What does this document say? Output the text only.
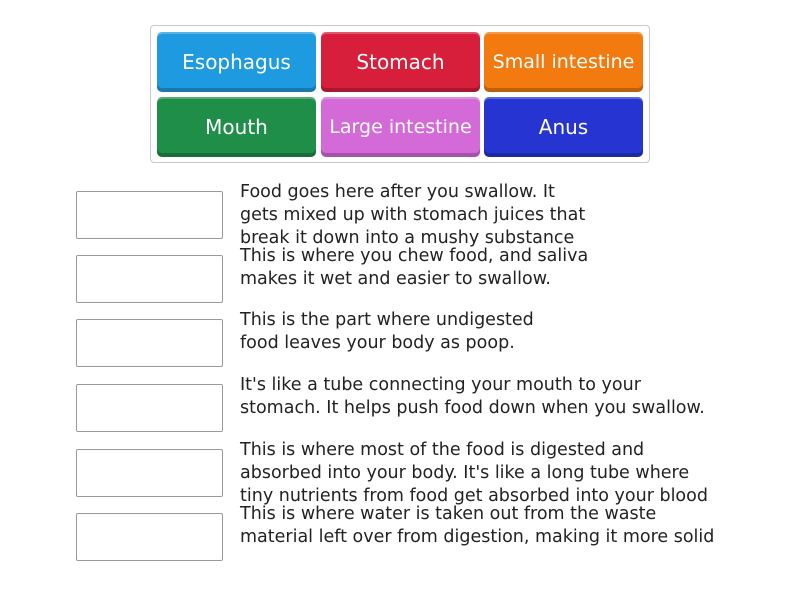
Esophagus	Stomach	Small intestine
Mouth	Large intestine	Anus
Food goes here after you swallow. It
gets mixed up with stomach juices that
break it down into a mushy substance
This is where you chew food, and saliva
makes it wet and easier to swallow.
This is the part where undigested
food leaves your body as poop.
It's like a tube connecting your mouth to your
stomach. It helps push food down when you swallow.
This is where most of the food is digested and
absorbed into your body. It's like a long tube where
tiny nutrients from food get absorbed into your blood
This is where water is taken out from the waste
material left over from digestion, making it more solid
